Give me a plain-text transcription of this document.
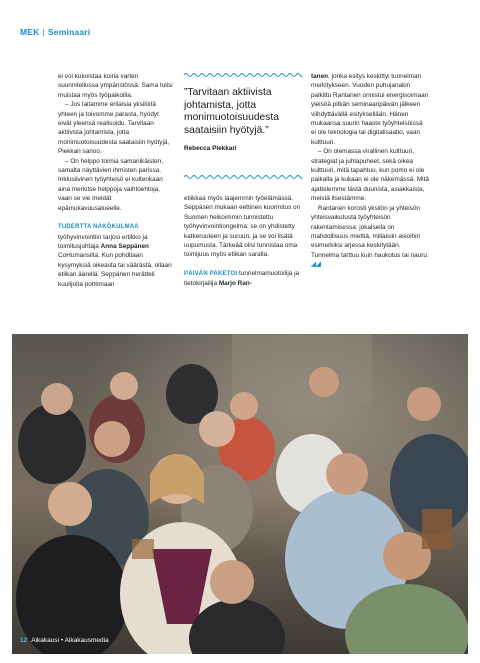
MEK | Seminaari

ei voi kukoistaa koiria varten suunnitellussa ympäristössä. Sama tulisi muistaa myös työpaikoilla.

– Jos laitamme erilaisia yksilöitä yhteen ja toivomme parasta, hyödyt eivät yleensä realisoidu. Tarvitaan aktiivista johtamista, jotta monimuotoisuudesta saataisiin hyötyjä, Piekkari sanoo.

– On helppo toimia samanikäisten, samalta näyttävien ihmisten parissa. Inklusiivinen työyhteisö ei kuitenkaan aina merkitse helppoja vaihtoehtoja, vaan se vie meidät epämukavuusalueelle.

TUDERTTA NÄKÖKULMAA työhyvinvointiin tarjosi ertikko ja toimitusjohtaja Anna Seppänen CoHumansilta. Kun pohditaan kysymyksiä oikeasta tai väärästä, ollaan etiikan äärellä. Seppänen herätteli kuulijoita pohtimaan

”Tarvitaan aktiivista johtamista, jotta monimuotoisuudesta saataisiin hyötyjä.”
Rebecca Piekkari

etiikkaa myös laajemmin työelämässä. Seppäsen mukaan eettinen kuormitus on Suomen heikoimmin tunnistettu työhyvinvointiongelma: se on yhdistetty katkeruuteen ja suruun, ja se voi lisätä uupumusta. Tärkeää olisi tunnistaa oma toimijuus myös etiikan saralla.

PÄIVÄN PAKETOI tunnelmamuotoilija ja tietokirjailija Marjo Ran-

tanen, jonka esitys keskittyi tunnelman merkitykseen. Vuoden puhujanakin palkittu Rantanen onnistui energisoimaan yleisöä pitkän seminaaripäivän jälkeen viihdyttävällä esityksellään. Hänen mukaansa suurin haaste työyhteisöissä ei ole teknologia tai digitalisaatio, vaan kulttuuri.

– On olemassa virallinen kulttuuri, strategiat ja juhlapuheet, sekä oikea kulttuuri, mitä tapahtuu, kun pomo ei ole paikalla ja kukaan ei ole näkemässä. Mitä ajattelemme tästä duunista, asiakkaista, meistä itsestämme.

Rantanen korosti yksilön ja yhteisön yhteisvaikutusta työyhteisön rakentamisessa: jokaisella on mahdollisuus miettiä, millaisiin asioihin esimerkiksi arjessa keskitytään. Tunnelma tarttuu kuin haukotus tai nauru. ◢◢

12 Aikakausi • Aikakausmedia
